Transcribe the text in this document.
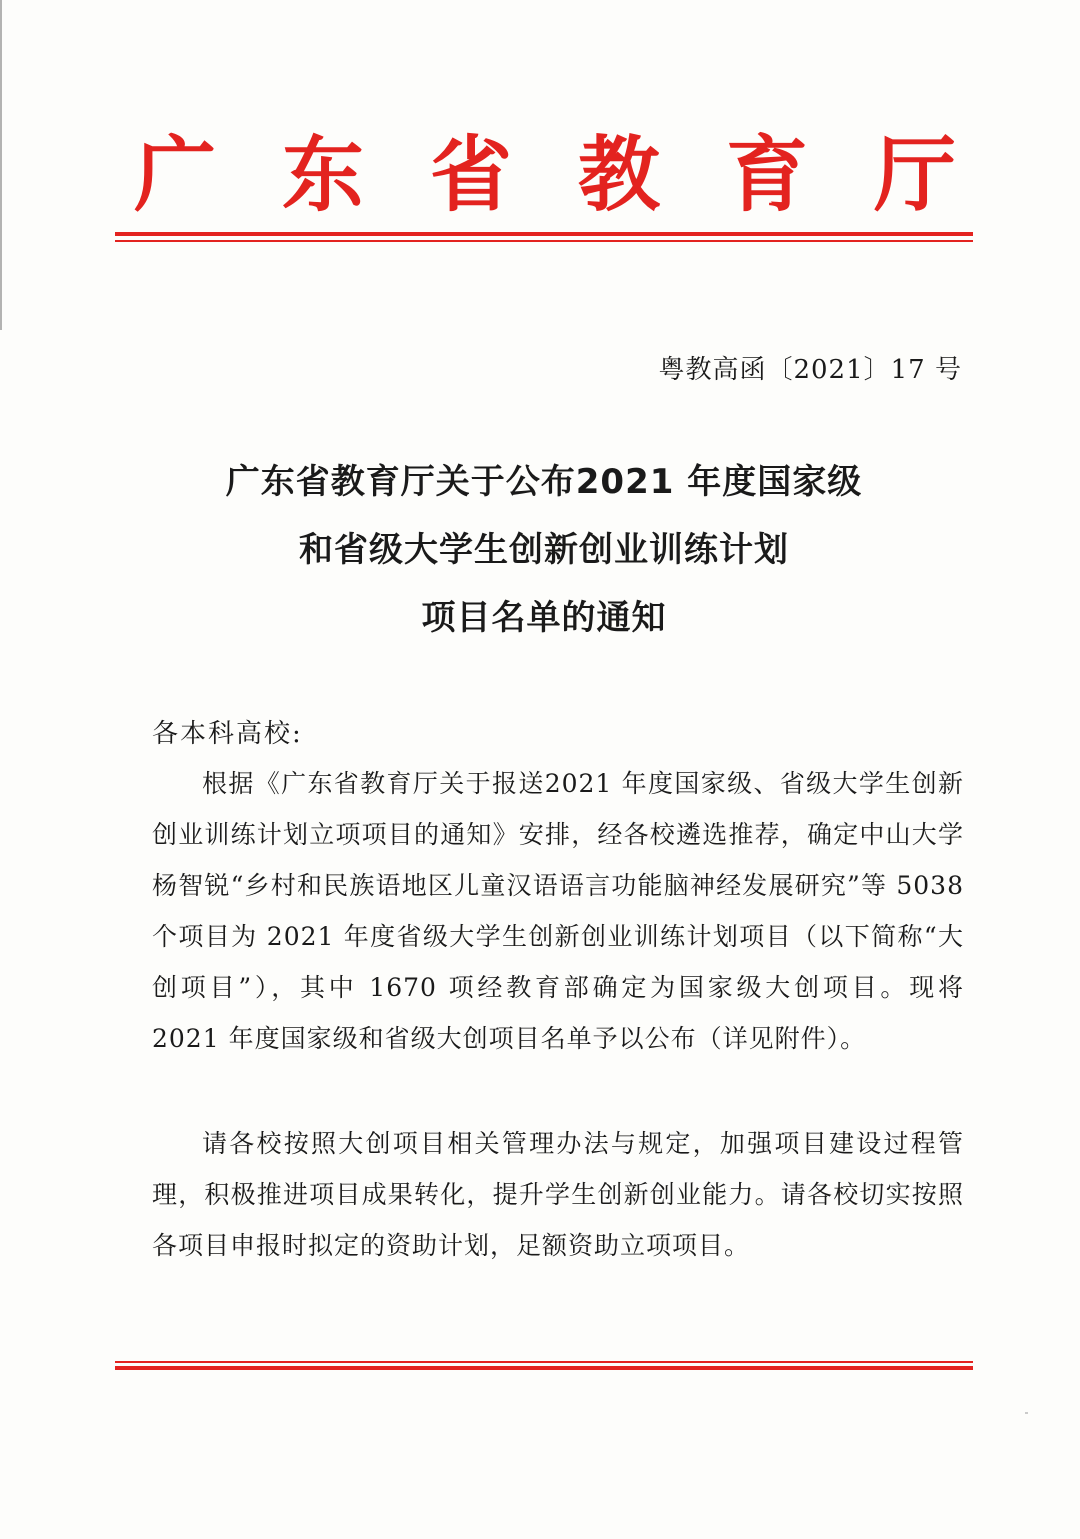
广 东 省 教 育 厅
粤教高函〔2021〕17 号
广东省教育厅关于公布2021 年度国家级
和省级大学生创新创业训练计划
项目名单的通知
各本科高校:
根据《广东省教育厅关于报送2021 年度国家级、省级大学生创新创业训练计划立项项目的通知》安排，经各校遴选推荐，确定中山大学杨智锐“乡村和民族语地区儿童汉语语言功能脑神经发展研究”等 5038 个项目为 2021 年度省级大学生创新创业训练计划项目（以下简称“大创项目”），其中 1670 项经教育部确定为国家级大创项目。现将 2021 年度国家级和省级大创项目名单予以公布（详见附件）。
请各校按照大创项目相关管理办法与规定，加强项目建设过程管理，积极推进项目成果转化，提升学生创新创业能力。请各校切实按照各项目申报时拟定的资助计划，足额资助立项项目。
